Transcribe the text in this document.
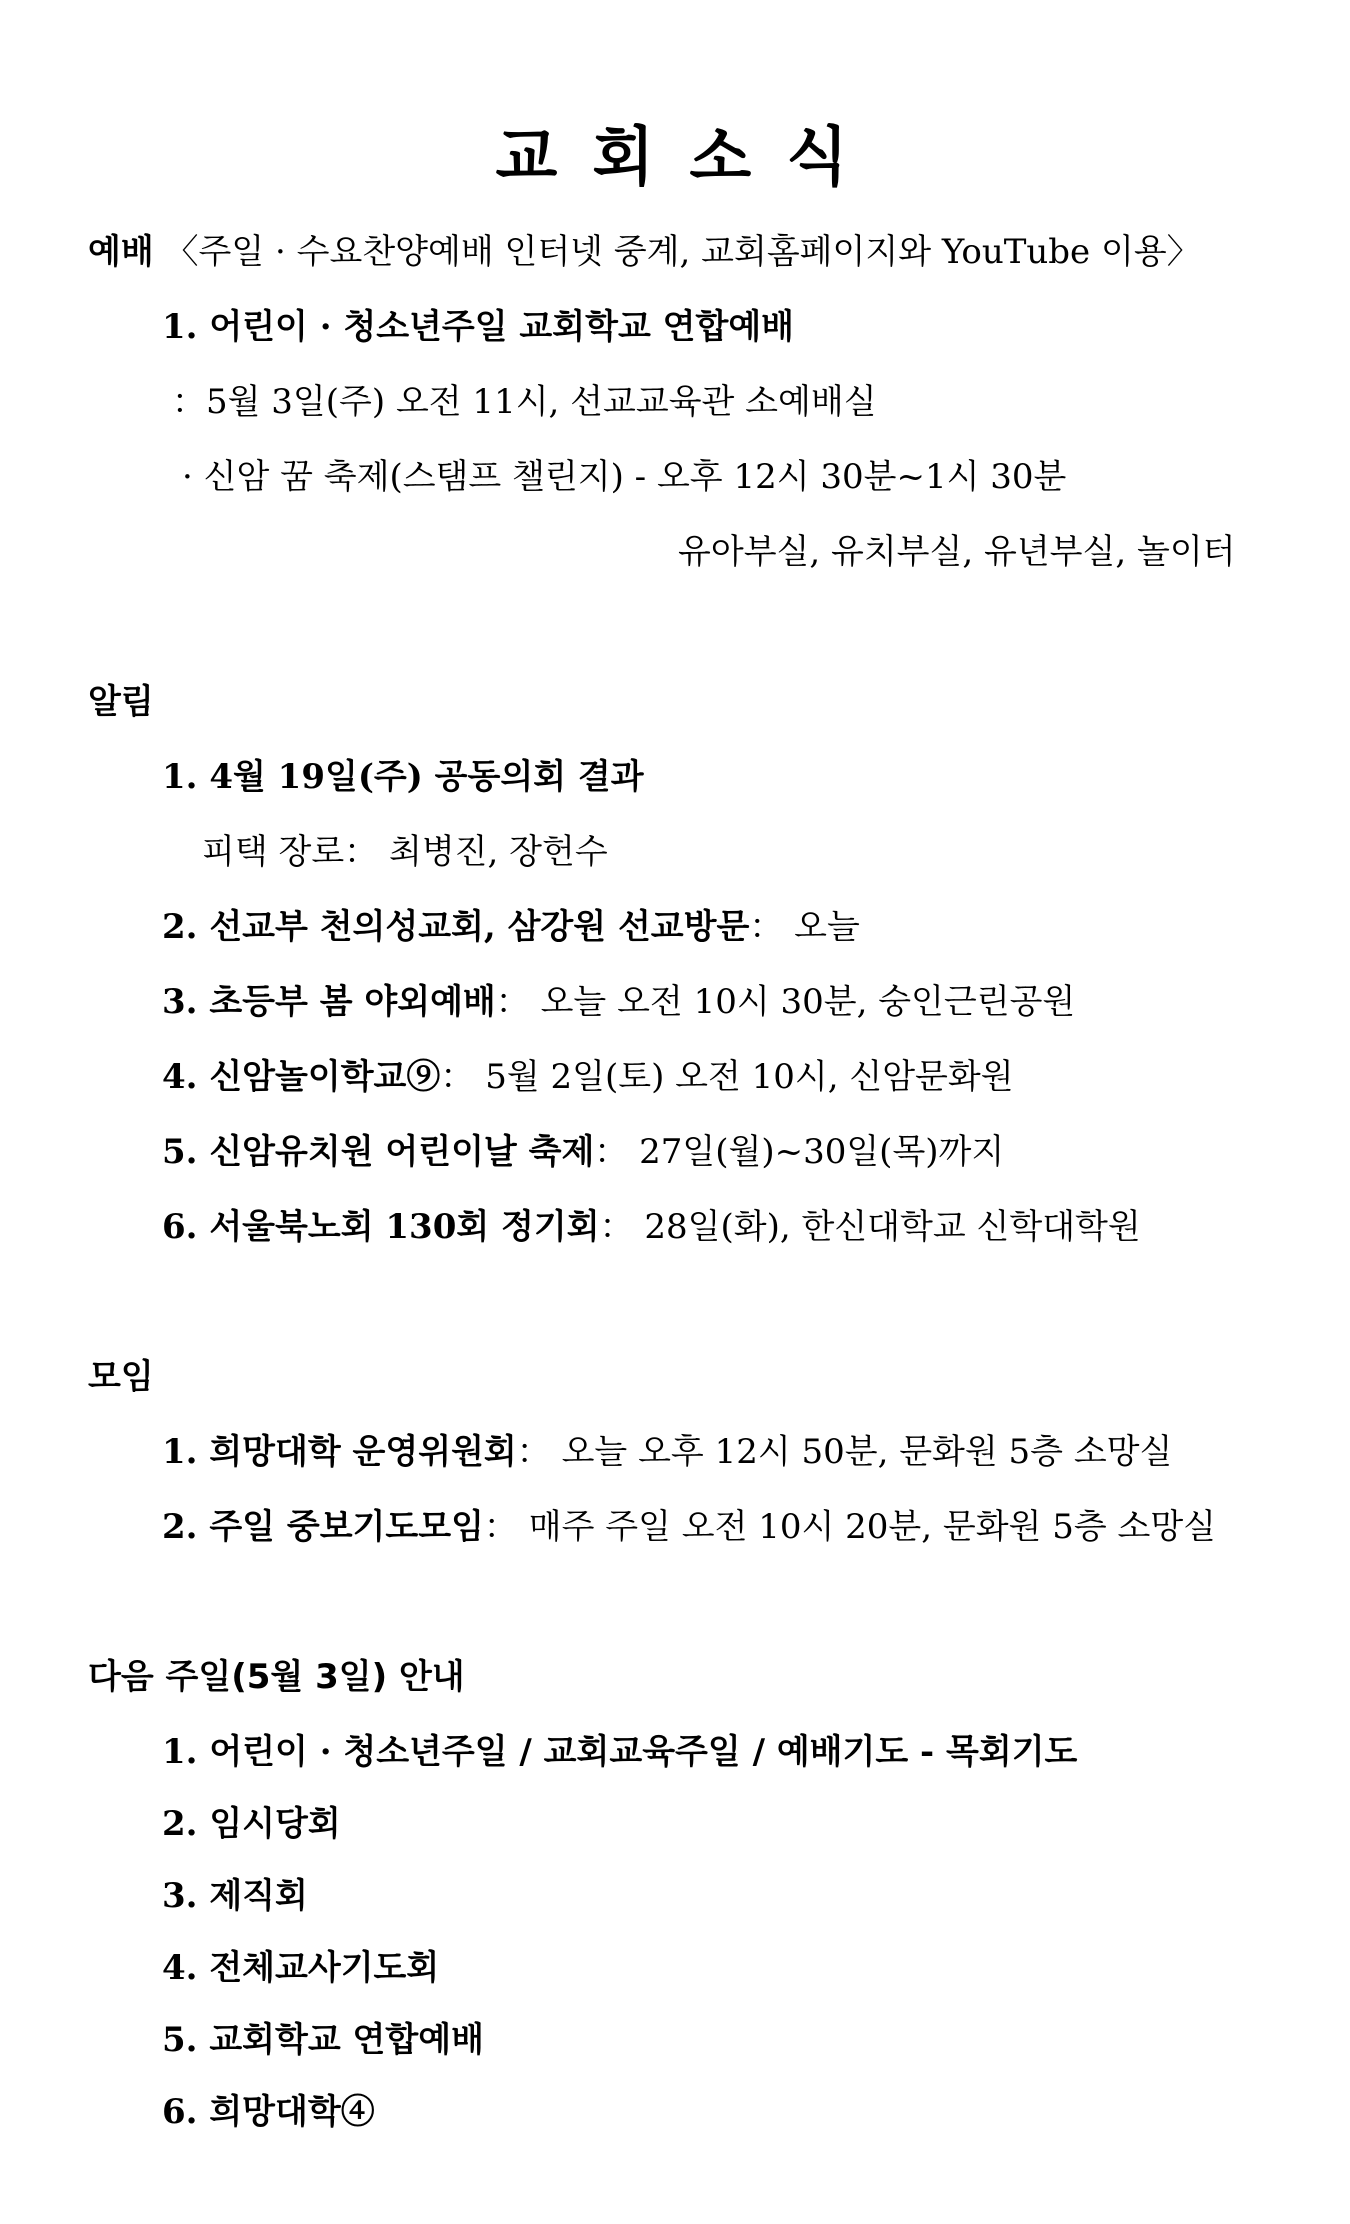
교 회 소 식
예배 〈주일 · 수요찬양예배 인터넷 중계, 교회홈페이지와 YouTube 이용〉
1. 어린이 · 청소년주일 교회학교 연합예배
：5월 3일(주) 오전 11시, 선교교육관 소예배실
· 신암 꿈 축제(스탬프 챌린지) - 오후 12시 30분~1시 30분
유아부실, 유치부실, 유년부실, 놀이터
알림
1. 4월 19일(주) 공동의회 결과
피택 장로： 최병진, 장헌수
2. 선교부 천의성교회, 삼강원 선교방문： 오늘
3. 초등부 봄 야외예배： 오늘 오전 10시 30분, 숭인근린공원
4. 신암놀이학교⑨： 5월 2일(토) 오전 10시, 신암문화원
5. 신암유치원 어린이날 축제： 27일(월)~30일(목)까지
6. 서울북노회 130회 정기회： 28일(화), 한신대학교 신학대학원
모임
1. 희망대학 운영위원회： 오늘 오후 12시 50분, 문화원 5층 소망실
2. 주일 중보기도모임： 매주 주일 오전 10시 20분, 문화원 5층 소망실
다음 주일(5월 3일) 안내
1. 어린이 · 청소년주일 / 교회교육주일 / 예배기도 - 목회기도
2. 임시당회
3. 제직회
4. 전체교사기도회
5. 교회학교 연합예배
6. 희망대학④
